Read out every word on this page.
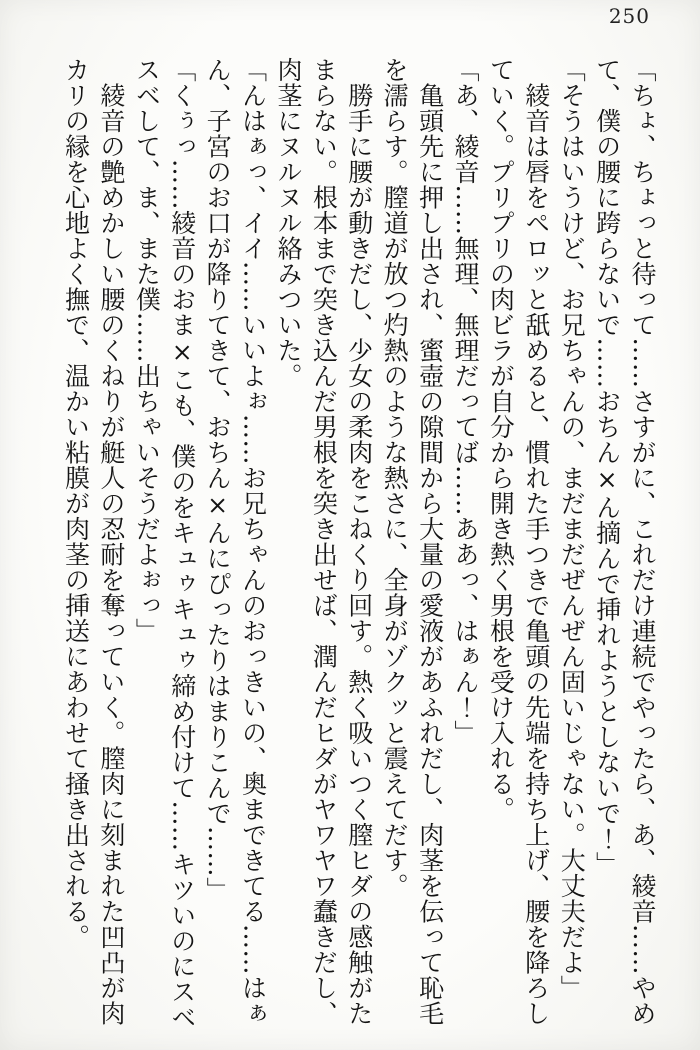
250

「ちょ、ちょっと待って……さすがに、これだけ連続でやったら、あ、綾音……やめ

て、僕の腰に跨らないで……おちん×ん摘んで挿れようとしないで！」

「そうはいうけど、お兄ちゃんの、まだまだぜんぜん固いじゃない。大丈夫だよ」

　綾音は唇をペロッと舐めると、慣れた手つきで亀頭の先端を持ち上げ、腰を降ろし

ていく。プリプリの肉ビラが自分から開き熱く男根を受け入れる。

「あ、綾音……無理、無理だってば……ああっ、はぁん！」

　亀頭先に押し出され、蜜壺の隙間から大量の愛液があふれだし、肉茎を伝って恥毛

を濡らす。膣道が放つ灼熱のような熱さに、全身がゾクッと震えてだす。

　勝手に腰が動きだし、少女の柔肉をこねくり回す。熱く吸いつく膣ヒダの感触がた

まらない。根本まで突き込んだ男根を突き出せば、潤んだヒダがヤワヤワ蠢きだし、

肉茎にヌルヌル絡みついた。

「んはぁっ、イイ……いいよぉ……お兄ちゃんのおっきいの、奥まできてる……はぁ

ん、子宮のお口が降りてきて、おちん×んにぴったりはまりこんで……」

「くぅっ……綾音のおま×こも、僕のをキュゥキュゥ締め付けて……キツいのにスベ

スベして、ま、また僕……出ちゃいそうだよぉっ」

　綾音の艶めかしい腰のくねりが艇人の忍耐を奪っていく。膣肉に刻まれた凹凸が肉

カリの縁を心地よく撫で、温かい粘膜が肉茎の挿送にあわせて掻き出される。
